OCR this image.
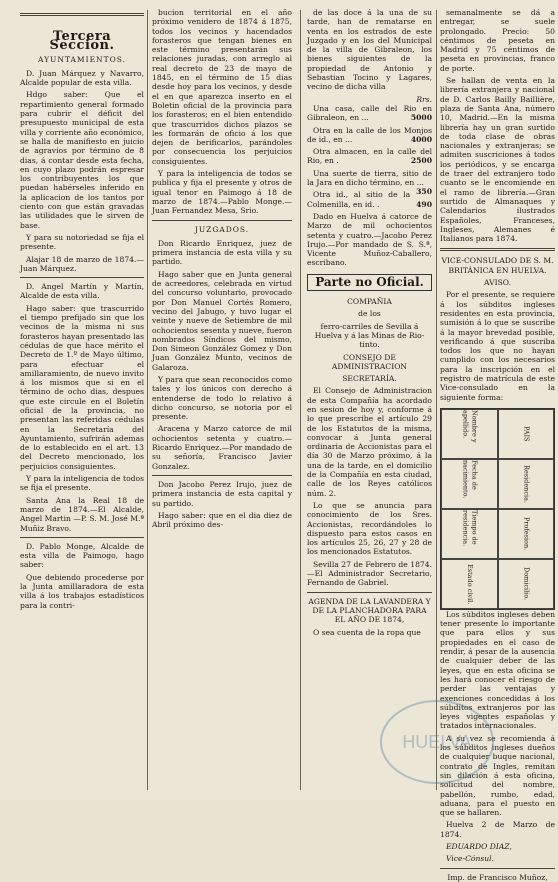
Tercera Seccion.
AYUNTAMIENTOS.

D. Juan Márquez y Navarro, Alcalde popular de esta villa.

Hdgo saber: Que el repartimiento general formado para cubrir el déficit del presupuesto municipal de esta villa y corriente año económico, se halla de manifiesto en juicio de agravios por término de 8 dias, á contar desde esta fecha, en cuyo plazo podrán espresar los contribuyentes los que puedan habérseles inferido en la aplicacion de los tantos por ciento con que están gravadas las utilidades que le sirven de base.

Y para su notoriedad se fija el presente.

Alajar 18 de marzo de 1874.—Juan Márquez.

D. Angel Martín y Martín, Alcalde de esta villa.

Hago saber: que trascurrido el tiempo prefijado sin que los vecinos de la misma ni sus forasteros hayan presentado las cédulas de que hace mérito el Decreto de 1.º de Mayo último, para efectuar el amillaramiento, de nuevo invito á los mismos que si en el término de ocho dias, despues que este circule en el Boletín oficial de la provincia, no presentan las referidas cédulas en la Secretaría del Ayuntamiento, sufrirán ademas de lo establecido en el art. 13 del Decreto mencionado, los perjuicios consiguientes.

Y para la inteligencia de todos se fija el presente.

Santa Ana la Real 18 de marzo de 1874.—El Alcalde, Angel Martin —P. S. M. José M.ª Muñiz Bravo.

D. Pablo Monge, Alcalde de esta villa de Paimogo, hago saber:

Que debiendo procederse por la Junta amillaradora de esta villa á los trabajos estadísticos para la contri-

bucion territorial en el año próximo venidero de 1874 á 1875, todos los vecinos y hacendados forasteros que tengan bienes en este término presentarán sus relaciones juradas, con arreglo al real decreto de 23 de mayo de 1845, en el término de 15 dias desde hoy para los vecinos, y desde el en que aparezca inserto en el Boletin oficial de la provincia para los forasteros; en el bien entendido que trascurridos dichos plazos se les formarán de oficio á los que dejen de berificarlos, parándoles por consecuencia los perjuicios consiguientes.

Y para la inteligencia de todos se publica y fija el presente y otros de igual tenor en Paimogo á 18 de marzo de 1874.—Pablo Monge.—Juan Fernandez Mesa, Srio.

JUZGADOS.

Don Ricardo Enriquez, juez de primera instancia de esta villa y su partido.

Hago saber que en Junta general de acreedores, celebrada en virtud del concurso voluntario, provocado por Don Manuel Cortés Romero, vecino del Jabugo, y tuvo lugar el veinte y nueve de Setiembre de mil ochocientos sesenta y nueve, fueron nombrados Síndicos del mismo, Don Simeon González Gomez y Don Juan González Munto, vecinos de Galaroza.

Y para que sean reconocidos como tales y los únicos con derecho á entenderse de todo lo relativo á dicho concurso, se notoria por el presente.

Aracena y Marzo catorce de mil ochocientos setenta y cuatro.—Ricardo Enriquez.—Por mandado de su señoría, Francisco Javier Gonzalez.

Don Jacobo Perez Irujo, juez de primera instancia de esta capital y su partido.

Hago saber: que en el dia diez de Abril próximo des-

de las doce á la una de su tarde, han de rematarse en venta en los estrados de este Juzgado y en los del Municipal de la villa de Gibraleon, los bienes siguientes de la propiedad de Antonio y Sebastian Tocino y Lagares, vecino de dicha villa

Rrs.

Una casa, calle del Rio en Gibraleon, en ...	5000

Otra en la calle de los Monjos de id., en ...	4000

Otra almacen, en la calle del Rio, en .	2500

Una suerte de tierra, sitio de la Jara en dicho término, en ...
350

Otra id., al sitio de la Colmenilla, en id. .	490

Dado en Huelva á catorce de Marzo de mil ochocientos setenta y cuatro.—Jacobo Perez Irujo.—Por mandado de S. S.ª, Vicente Muñoz-Caballero, escribano.

Parte no Oficial.

COMPAÑIA

de los

ferro-carriles de Sevilla á Huelva y á las Minas de Rio-tinto.

CONSEJO DE ADMINISTRACION

SECRETARÍA.

El Consejo de Administracion de esta Compañía ha acordado en sesion de hoy y, conforme á lo que prescribe el artículo 29 de los Estatutos de la misma, convocar á Junta general ordinaria de Accionistas para el día 30 de Marzo próximo, á la una de la tarde, en el domicilio de la Compañía en esta ciudad, calle de los Reyes católicos núm. 2.

Lo que se anuncia para conocimiento de los Sres. Accionistas, recordándoles lo dispuesto para estos casos en los artículos 25, 26, 27 y 28 de los mencionados Estatutos.

Sevilla 27 de Febrero de 1874.—El Administrador Secretario, Fernando de Gabriel.

AGENDA DE LA LAVANDERA Y DE LA PLANCHADORA PARA EL AÑO DE 1874,

O sea cuenta de la ropa que

semanalmente se dá a entregar, se suele prolongado. Precio: 50 céntimos de peseta en Madrid y 75 céntimos de peseta en provincias, franco de porte.

Se hallan de venta en la librería extranjera y nacional de D. Carlos Bailly Baillière, plaza de Santa Ana, número 10, Madrid.—En la misma librería hay un gran surtido de toda clase de obras nacionales y extranjeras; se admiten suscriciones á todos los periódicos, y se encarga de traer del extranjero todo cuanto se le encomiende en el ramo de librería.—Gran surtido de Almanaques y Calendarios ilustrados Españoles, Franceses, Ingleses, Alemanes é Italianos para 1874.

VICE-CONSULADO DE S. M. BRITÁNICA EN HUELVA.

AVISO.

Por el presente, se requiere á los súbditos ingleses residentes en esta provincia, sumisión á lo que se suscribe á la mayor brevedad posible, verificando á que suscriba todos los que no hayan cumplido con los necesarios para la inscripción en el registro de matrícula de este Vice-consulado en la siguiente forma:

Nombre y apellido.	PAIS
Fecha de nacimiento.	Residencia.
Tiempo de residencia.	Profesion.
Estado civil.	Domicilio.

Los súbditos ingleses deben tener presente lo importante que para ellos y sus propiedades en el caso de rendir, á pesar de la ausencia de cualquier deber de las leyes, que en esta oficina se les hará conocer el riesgo de perder las ventajas y exenciones concedidas á los súbditos extranjeros por las leyes vigentes españolas y tratados internacionales.

A su vez se recomienda á los súbditos ingleses dueños de cualquier buque nacional, contrato de Ingles, remitan sin dilación á esta oficina, solicitud del nombre, pabellón, rumbo, edad, aduana, para el puesto en que se hallaren.

Huelva 2 de Marzo de 1874.

EDUARDO DIAZ,

Vice-Cónsul.

Imp. de Francisco Muñoz,

HUELVA
